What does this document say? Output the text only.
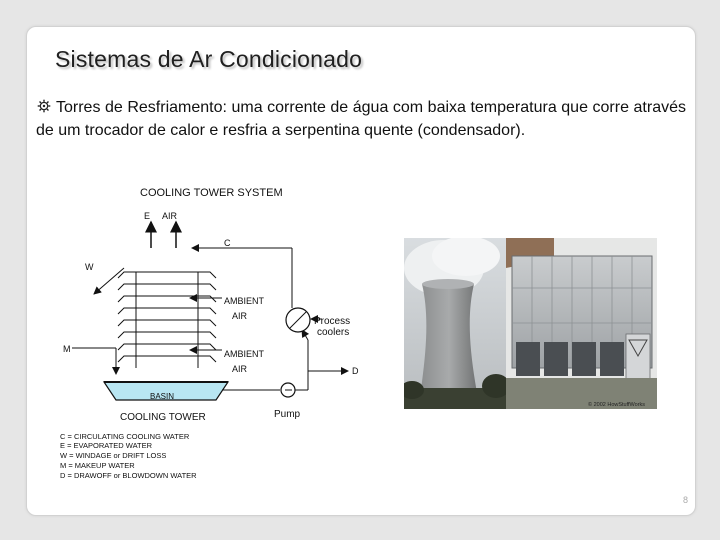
Sistemas de Ar Condicionado
Torres de Resfriamento: uma corrente de água com baixa temperatura que corre através de um trocador de calor e resfria a serpentina quente (condensador).
COOLING TOWER SYSTEM
E AIR
C
W
AMBIENT
AIR
AMBIENT
AIR
M
BASIN
COOLING TOWER	Pump
D
Process
coolers
C = CIRCULATING COOLING WATER
E = EVAPORATED WATER
W = WINDAGE or DRIFT LOSS
M = MAKEUP WATER
D = DRAWOFF or BLOWDOWN WATER
© 2002 HowStuffWorks
8
